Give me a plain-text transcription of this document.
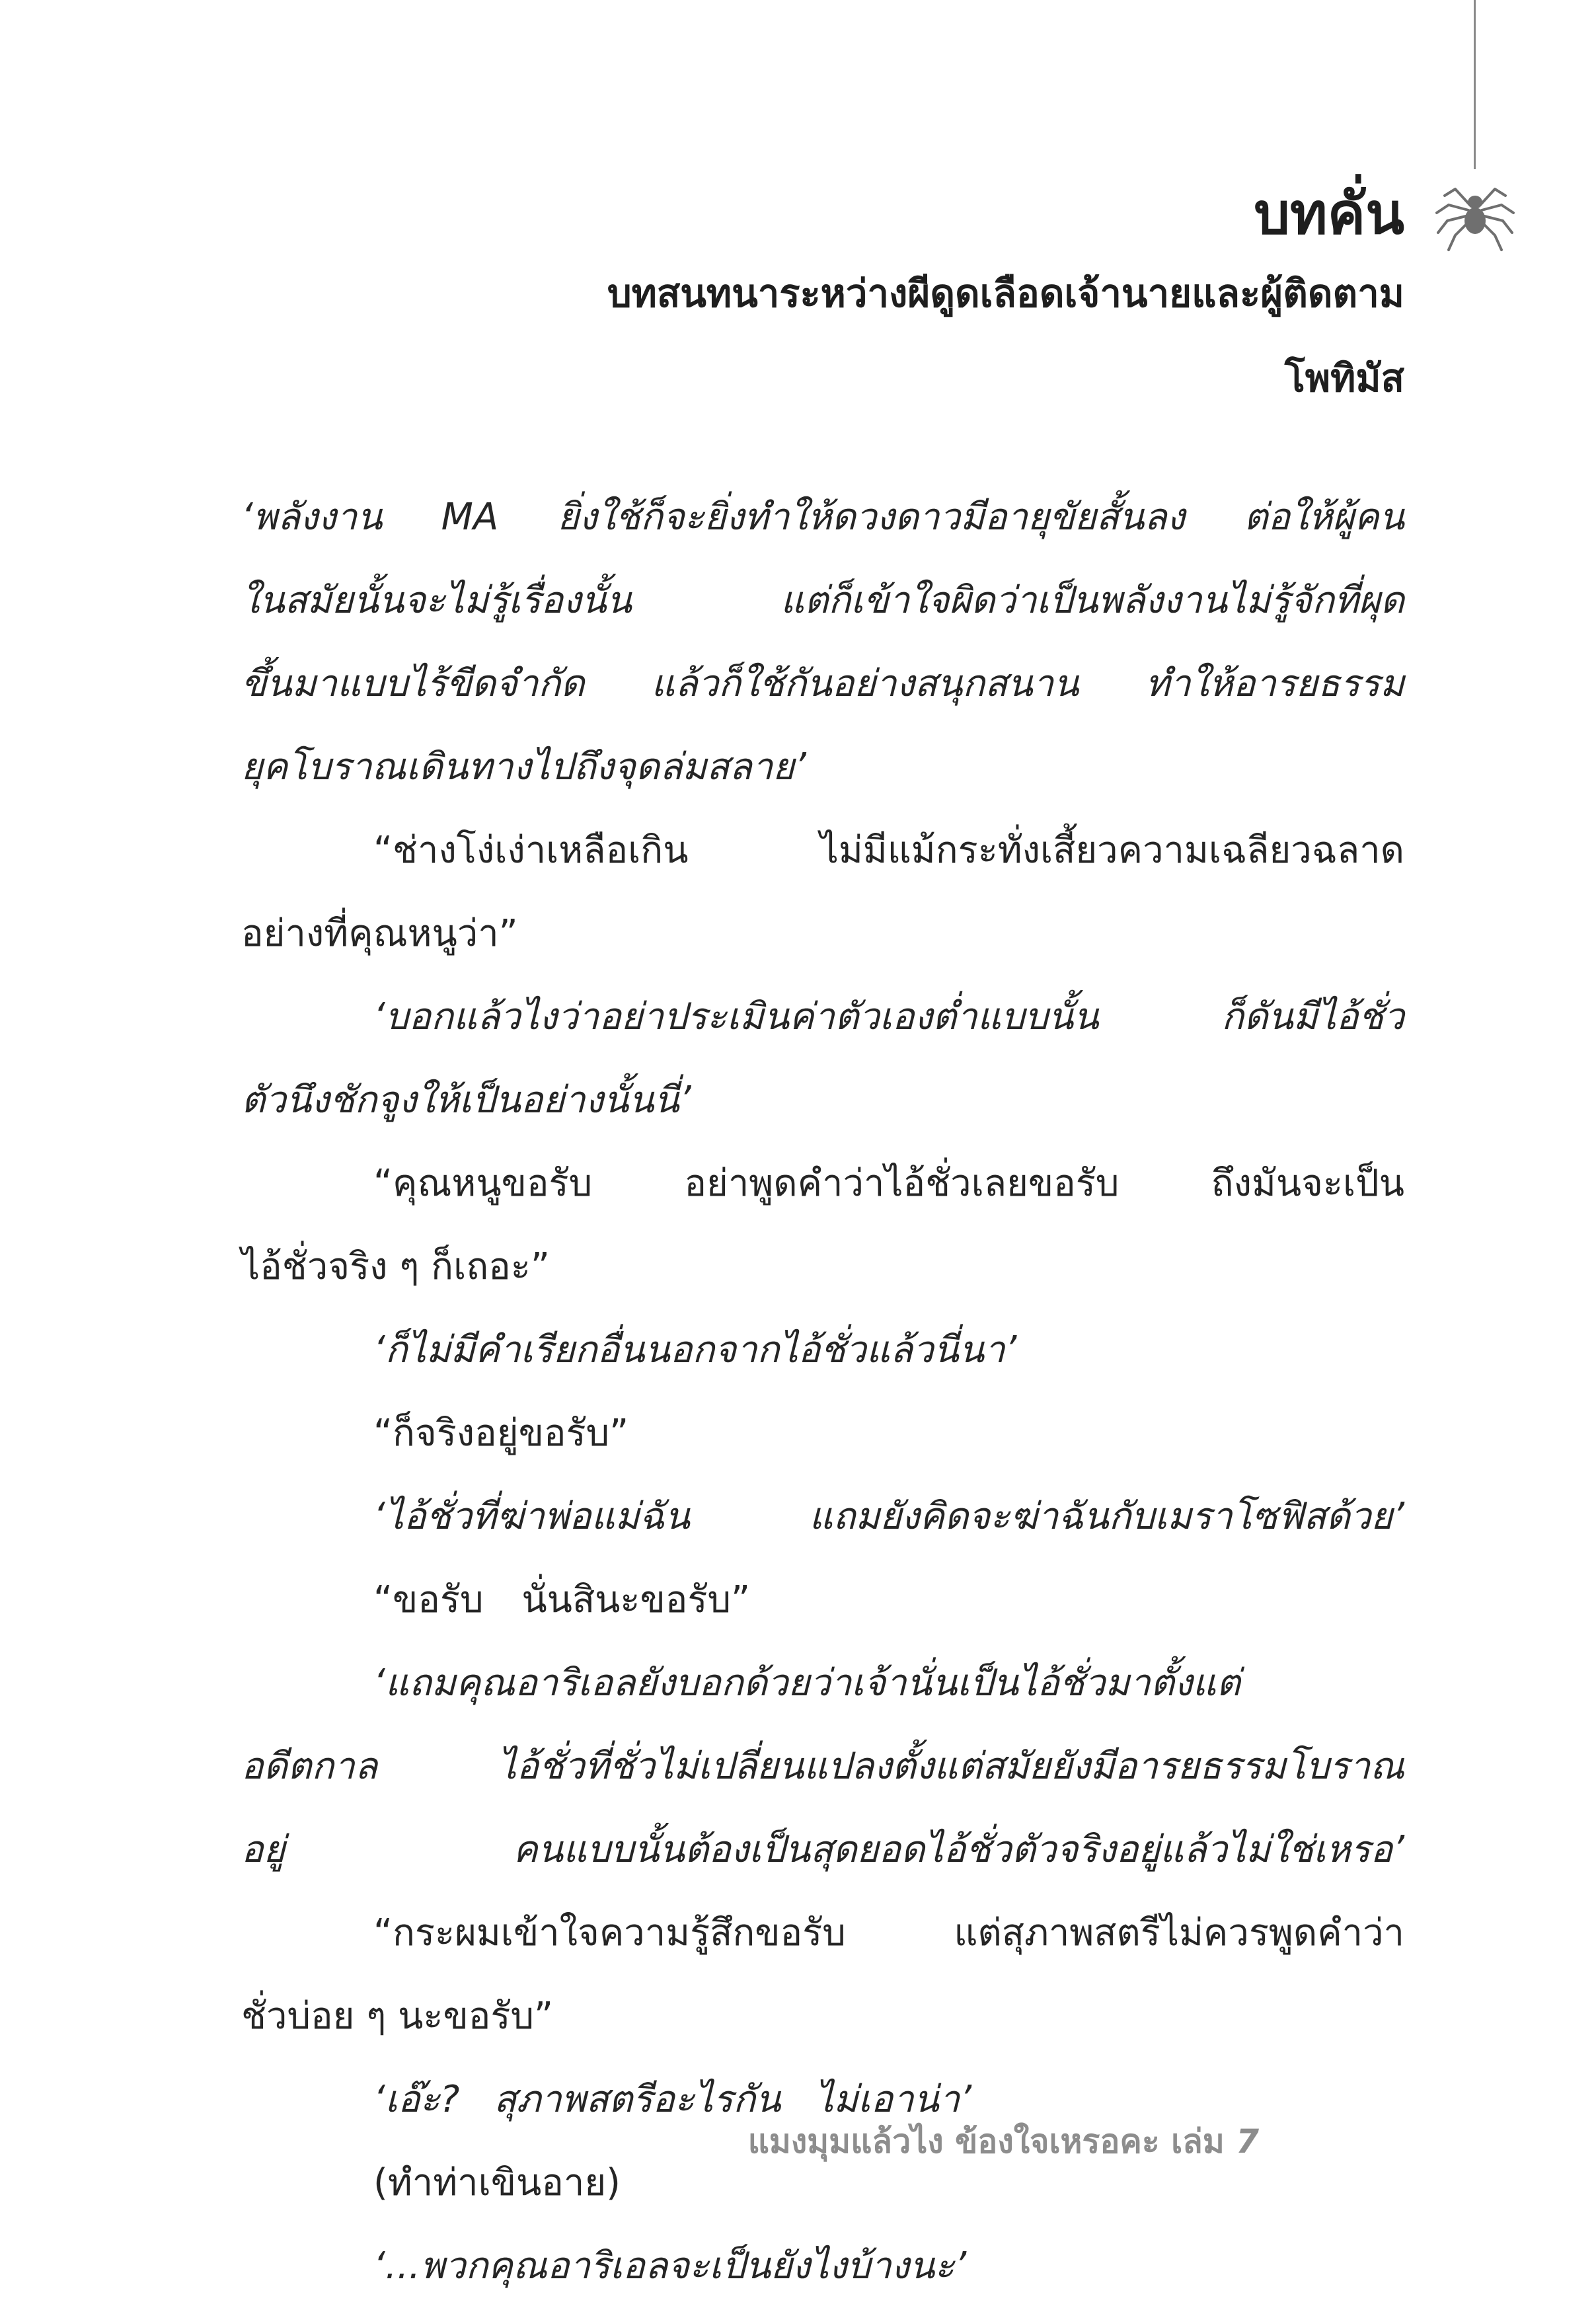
บทคั่น
บทสนทนาระหว่างผีดูดเลือดเจ้านายและผู้ติดตาม
โพทิมัส
‘พลังงาน MA ยิ่งใช้ก็จะยิ่งทำให้ดวงดาวมีอายุขัยสั้นลง ต่อให้ผู้คน
ในสมัยนั้นจะไม่รู้เรื่องนั้น	แต่ก็เข้าใจผิดว่าเป็นพลังงานไม่รู้จักที่ผุด
ขึ้นมาแบบไร้ขีดจำกัด แล้วก็ใช้กันอย่างสนุกสนาน ทำให้อารยธรรม
ยุคโบราณเดินทางไปถึงจุดล่มสลาย’
“ช่างโง่เง่าเหลือเกิน	ไม่มีแม้กระทั่งเสี้ยวความเฉลียวฉลาด
อย่างที่คุณหนูว่า”
‘บอกแล้วไงว่าอย่าประเมินค่าตัวเองต่ำแบบนั้น	ก็ดันมีไอ้ชั่ว
ตัวนึงชักจูงให้เป็นอย่างนั้นนี่’
“คุณหนูขอรับ อย่าพูดคำว่าไอ้ชั่วเลยขอรับ ถึงมันจะเป็น
ไอ้ชั่วจริง ๆ ก็เถอะ”
‘ก็ไม่มีคำเรียกอื่นนอกจากไอ้ชั่วแล้วนี่นา’
“ก็จริงอยู่ขอรับ”
‘ไอ้ชั่วที่ฆ่าพ่อแม่ฉัน	แถมยังคิดจะฆ่าฉันกับเมราโซฟิสด้วย’
“ขอรับ นั่นสินะขอรับ”
‘แถมคุณอาริเอลยังบอกด้วยว่าเจ้านั่นเป็นไอ้ชั่วมาตั้งแต่
อดีตกาล	ไอ้ชั่วที่ชั่วไม่เปลี่ยนแปลงตั้งแต่สมัยยังมีอารยธรรมโบราณ
อยู่	คนแบบนั้นต้องเป็นสุดยอดไอ้ชั่วตัวจริงอยู่แล้วไม่ใช่เหรอ’
“กระผมเข้าใจความรู้สึกขอรับ	แต่สุภาพสตรีไม่ควรพูดคำว่า
ชั่วบ่อย ๆ นะขอรับ”
‘เอ๊ะ? สุภาพสตรีอะไรกัน ไม่เอาน่า’
(ทำท่าเขินอาย)
‘...พวกคุณอาริเอลจะเป็นยังไงบ้างนะ’
แมงมุมแล้วไง ข้องใจเหรอคะ เล่ม 7
